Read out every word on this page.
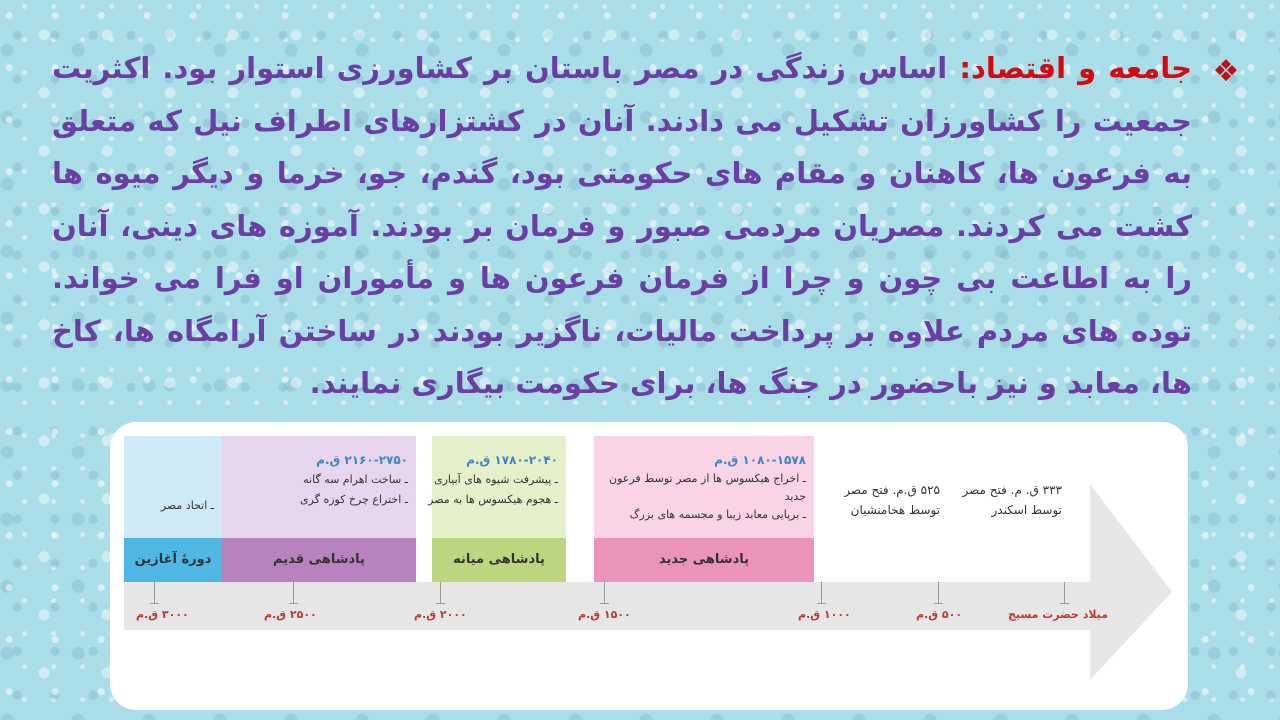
❖
جامعه و اقتصاد: اساس زندگی در مصر باستان بر کشاورزی استوار بود. اکثریت جمعیت را کشاورزان تشکیل می دادند. آنان در کشتزارهای اطراف نیل که متعلق به فرعون ها، کاهنان و مقام های حکومتی بود، گندم، جو، خرما و دیگر میوه ها کشت می کردند. مصریان مردمی صبور و فرمان بر بودند. آموزه های دینی، آنان را به اطاعت بی چون و چرا از فرمان فرعون ها و مأموران او فرا می خواند. توده های مردم علاوه بر پرداخت مالیات، ناگزیر بودند در ساختن آرامگاه ها، کاخ ها، معابد و نیز باحضور در جنگ ها، برای حکومت بیگاری نمایند.
ـ اتحاد مصر
دورهٔ آغازین
۲۱۶۰-۲۷۵۰ ق.م
ـ ساخت اهرام سه گانه
ـ اختراع چرخ کوزه گری
پادشاهی قدیم
۱۷۸۰-۲۰۴۰ ق.م
ـ پیشرفت شیوه های آبیاری
ـ هجوم هیکسوس ها به مصر
پادشاهی میانه
۱۰۸۰-۱۵۷۸ ق.م
ـ اخراج هیکسوس ها از مصر توسط فرعون جدید
ـ برپایی معابد زیبا و مجسمه های بزرگ
پادشاهی جدید
۵۲۵ ق.م. فتح مصر
توسط هخامنشیان
۳۳۳ ق. م. فتح مصر
توسط اسکندر
۳۰۰۰ ق.م	۲۵۰۰ ق.م	۲۰۰۰ ق.م	۱۵۰۰ ق.م	۱۰۰۰ ق.م	۵۰۰ ق.م	میلاد حضرت مسیح
